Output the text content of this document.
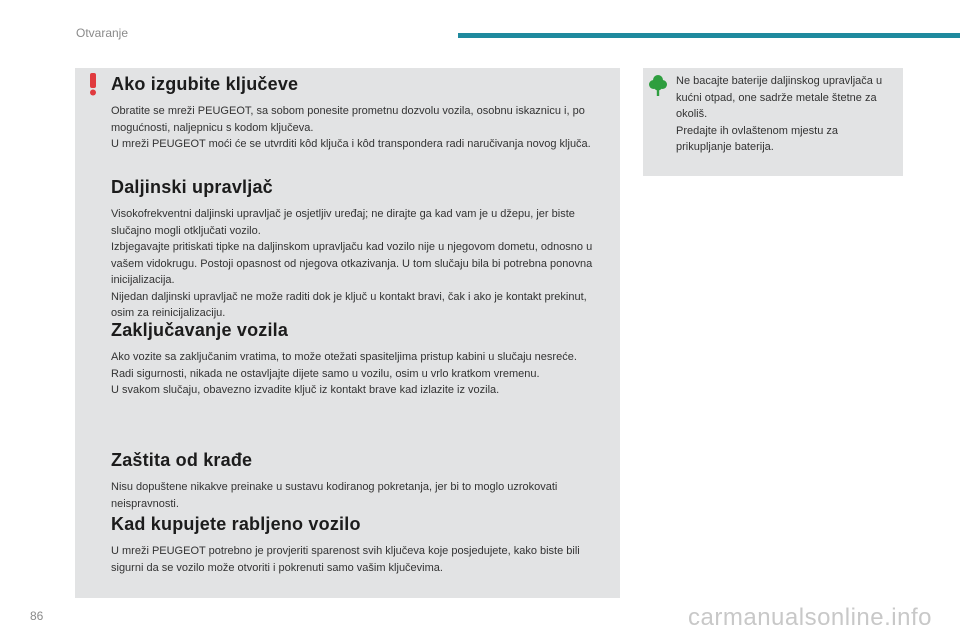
Otvaranje
Ako izgubite ključeve

Obratite se mreži PEUGEOT, sa sobom ponesite prometnu dozvolu vozila, osobnu iskaznicu i, po mogućnosti, naljepnicu s kodom ključeva.

U mreži PEUGEOT moći će se utvrditi kôd ključa i kôd transpondera radi naručivanja novog ključa.

Daljinski upravljač

Visokofrekventni daljinski upravljač je osjetljiv uređaj; ne dirajte ga kad vam je u džepu, jer biste slučajno mogli otključati vozilo.

Izbjegavajte pritiskati tipke na daljinskom upravljaču kad vozilo nije u njegovom dometu, odnosno u vašem vidokrugu. Postoji opasnost od njegova otkazivanja. U tom slučaju bila bi potrebna ponovna inicijalizacija.

Nijedan daljinski upravljač ne može raditi dok je ključ u kontakt bravi, čak i ako je kontakt prekinut, osim za reinicijalizaciju.

Zaključavanje vozila

Ako vozite sa zaključanim vratima, to može otežati spasiteljima pristup kabini u slučaju nesreće.

Radi sigurnosti, nikada ne ostavljajte dijete samo u vozilu, osim u vrlo kratkom vremenu.

U svakom slučaju, obavezno izvadite ključ iz kontakt brave kad izlazite iz vozila.

Zaštita od krađe

Nisu dopuštene nikakve preinake u sustavu kodiranog pokretanja, jer bi to moglo uzrokovati neispravnosti.

Kad kupujete rabljeno vozilo

U mreži PEUGEOT potrebno je provjeriti sparenost svih ključeva koje posjedujete, kako biste bili sigurni da se vozilo može otvoriti i pokrenuti samo vašim ključevima.

Ne bacajte baterije daljinskog upravljača u kućni otpad, one sadrže metale štetne za okoliš.

Predajte ih ovlaštenom mjestu za prikupljanje baterija.

86	carmanualsonline.info
